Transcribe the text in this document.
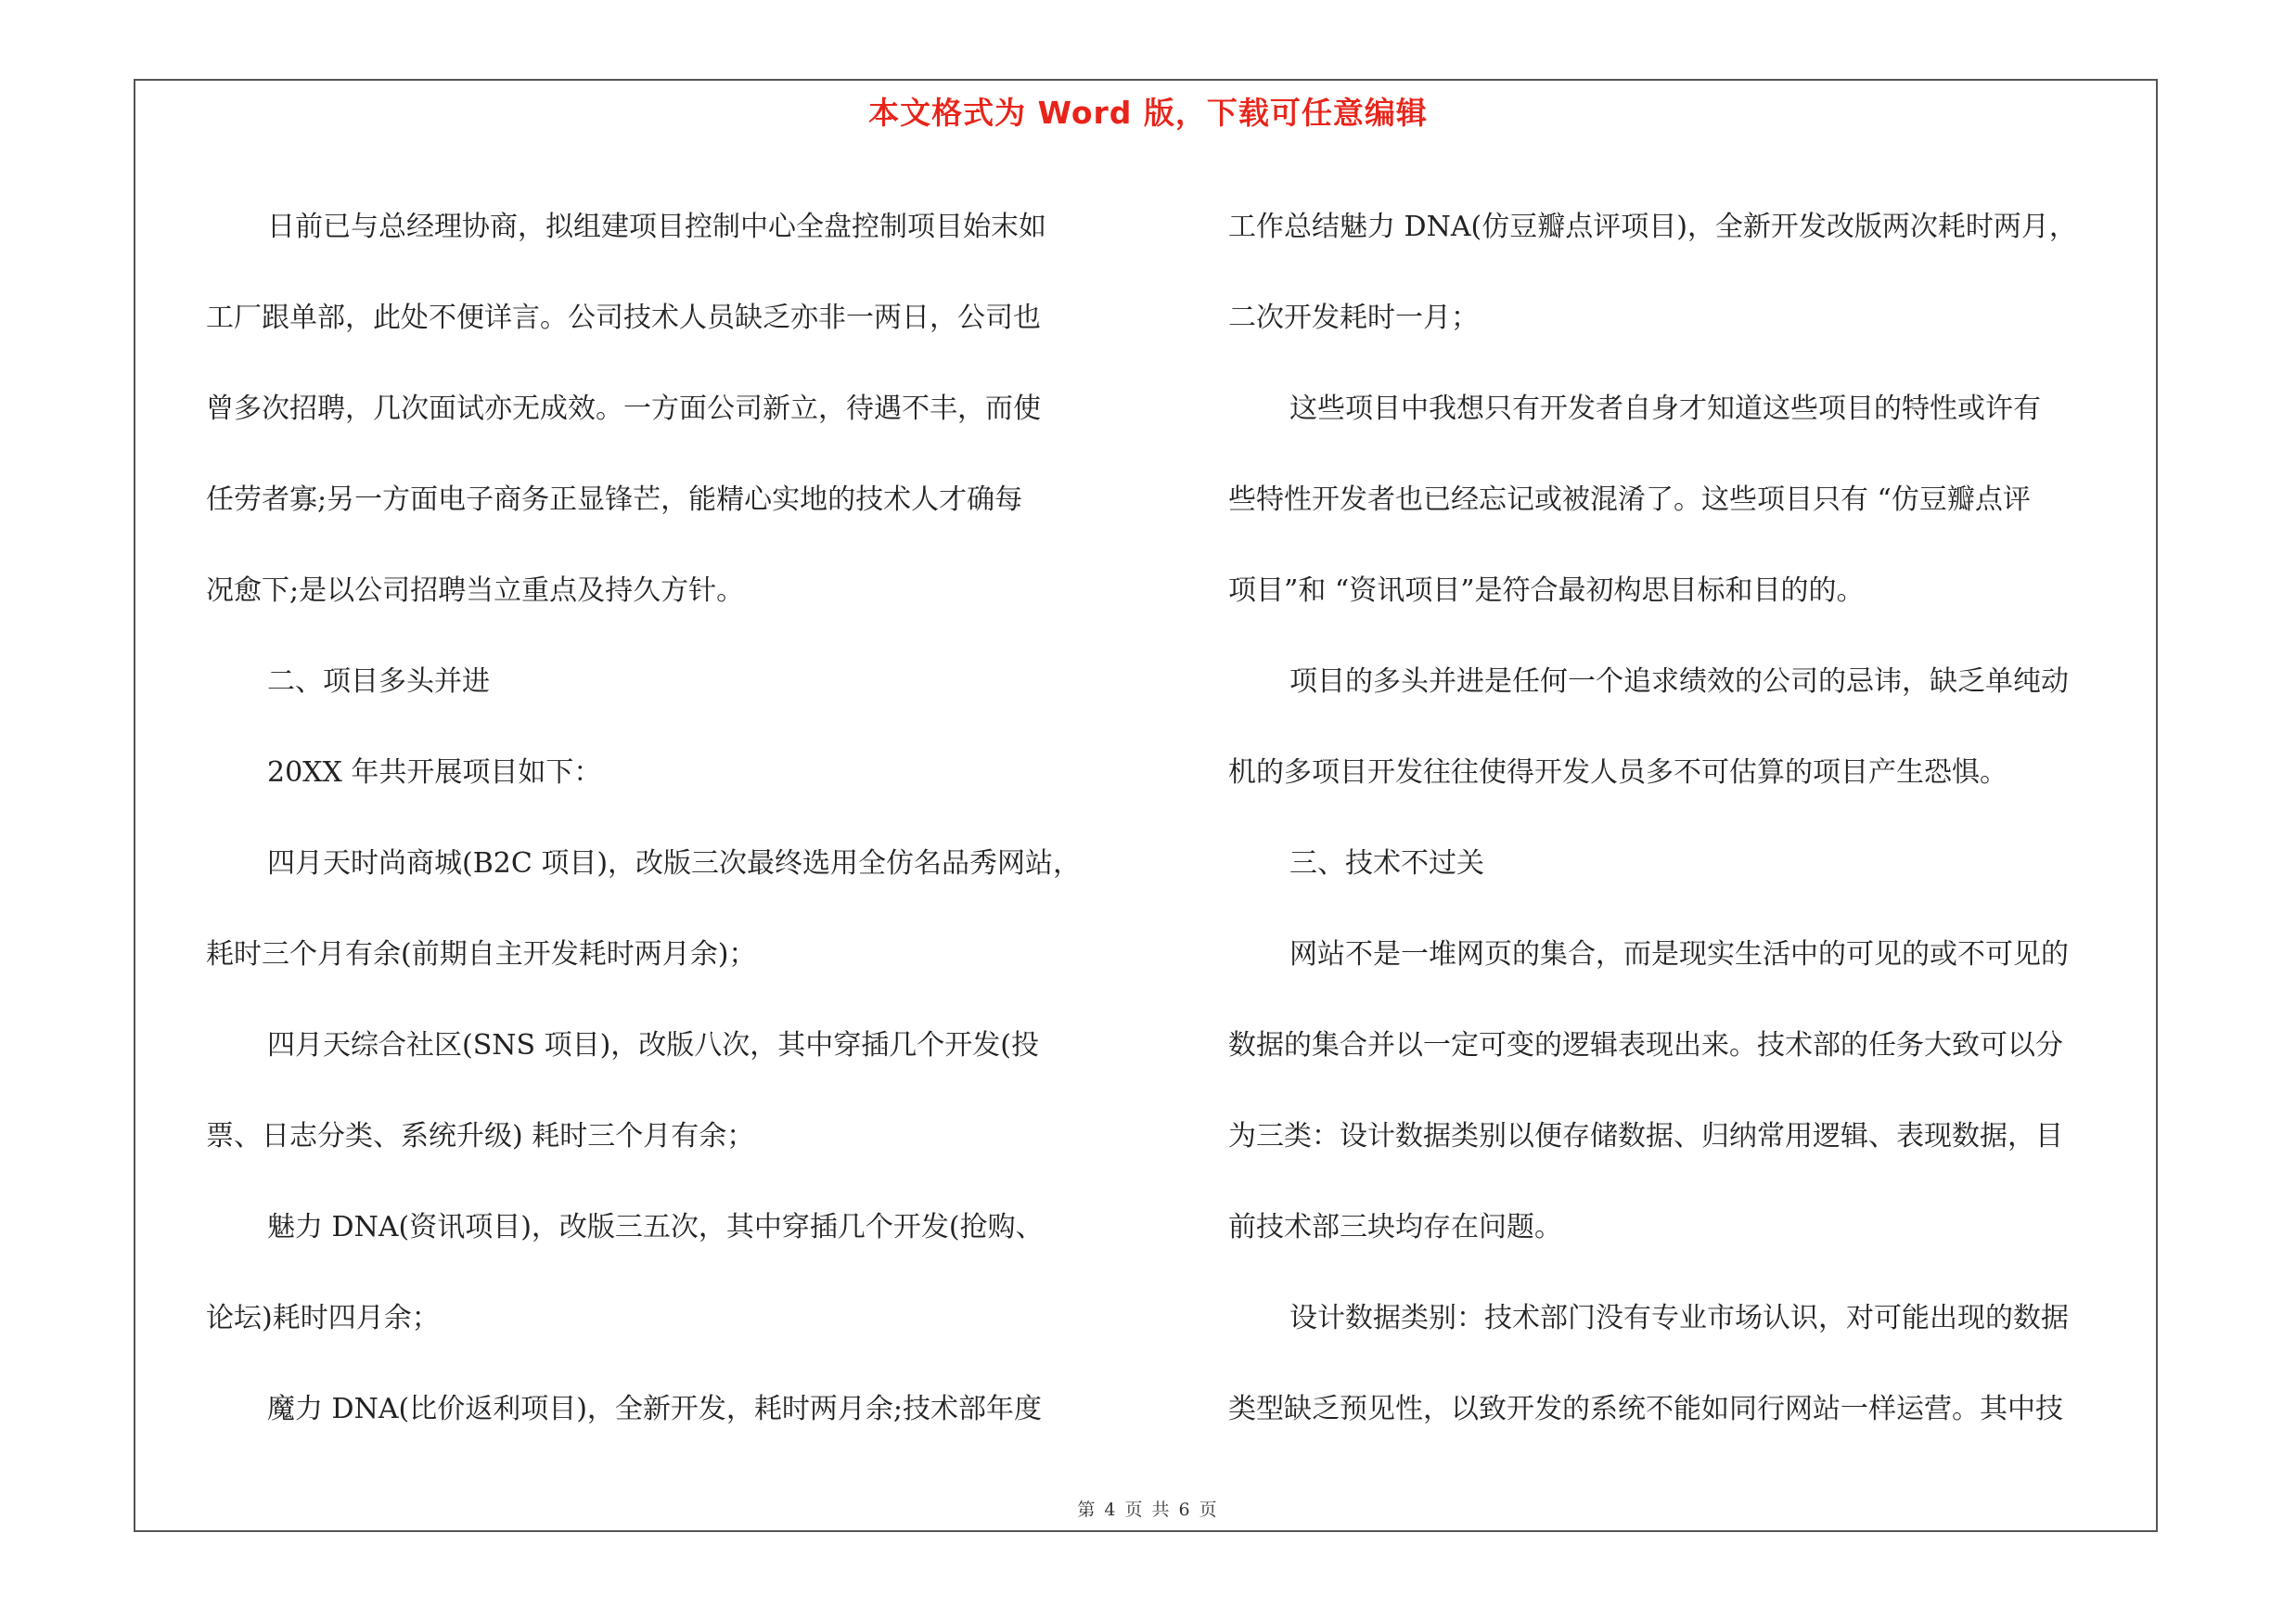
本文格式为 Word 版，下载可任意编辑
日前已与总经理协商，拟组建项目控制中心全盘控制项目始末如
工厂跟单部，此处不便详言。公司技术人员缺乏亦非一两日，公司也
曾多次招聘，几次面试亦无成效。一方面公司新立，待遇不丰，而使
任劳者寡;另一方面电子商务正显锋芒，能精心实地的技术人才确每
况愈下;是以公司招聘当立重点及持久方针。
二、项目多头并进
20XX 年共开展项目如下：
四月天时尚商城(B2C 项目)，改版三次最终选用全仿名品秀网站，
耗时三个月有余(前期自主开发耗时两月余)；
四月天综合社区(SNS 项目)，改版八次，其中穿插几个开发(投
票、日志分类、系统升级) 耗时三个月有余；
魅力 DNA(资讯项目)，改版三五次，其中穿插几个开发(抢购、
论坛)耗时四月余；
魔力 DNA(比价返利项目)，全新开发，耗时两月余;技术部年度
工作总结魅力 DNA(仿豆瓣点评项目)，全新开发改版两次耗时两月，
二次开发耗时一月；
这些项目中我想只有开发者自身才知道这些项目的特性或许有
些特性开发者也已经忘记或被混淆了。这些项目只有 “仿豆瓣点评
项目”和 “资讯项目”是符合最初构思目标和目的的。
项目的多头并进是任何一个追求绩效的公司的忌讳，缺乏单纯动
机的多项目开发往往使得开发人员多不可估算的项目产生恐惧。
三、技术不过关
网站不是一堆网页的集合，而是现实生活中的可见的或不可见的
数据的集合并以一定可变的逻辑表现出来。技术部的任务大致可以分
为三类：设计数据类别以便存储数据、归纳常用逻辑、表现数据，目
前技术部三块均存在问题。
设计数据类别：技术部门没有专业市场认识，对可能出现的数据
类型缺乏预见性，以致开发的系统不能如同行网站一样运营。其中技
第 4 页 共 6 页
